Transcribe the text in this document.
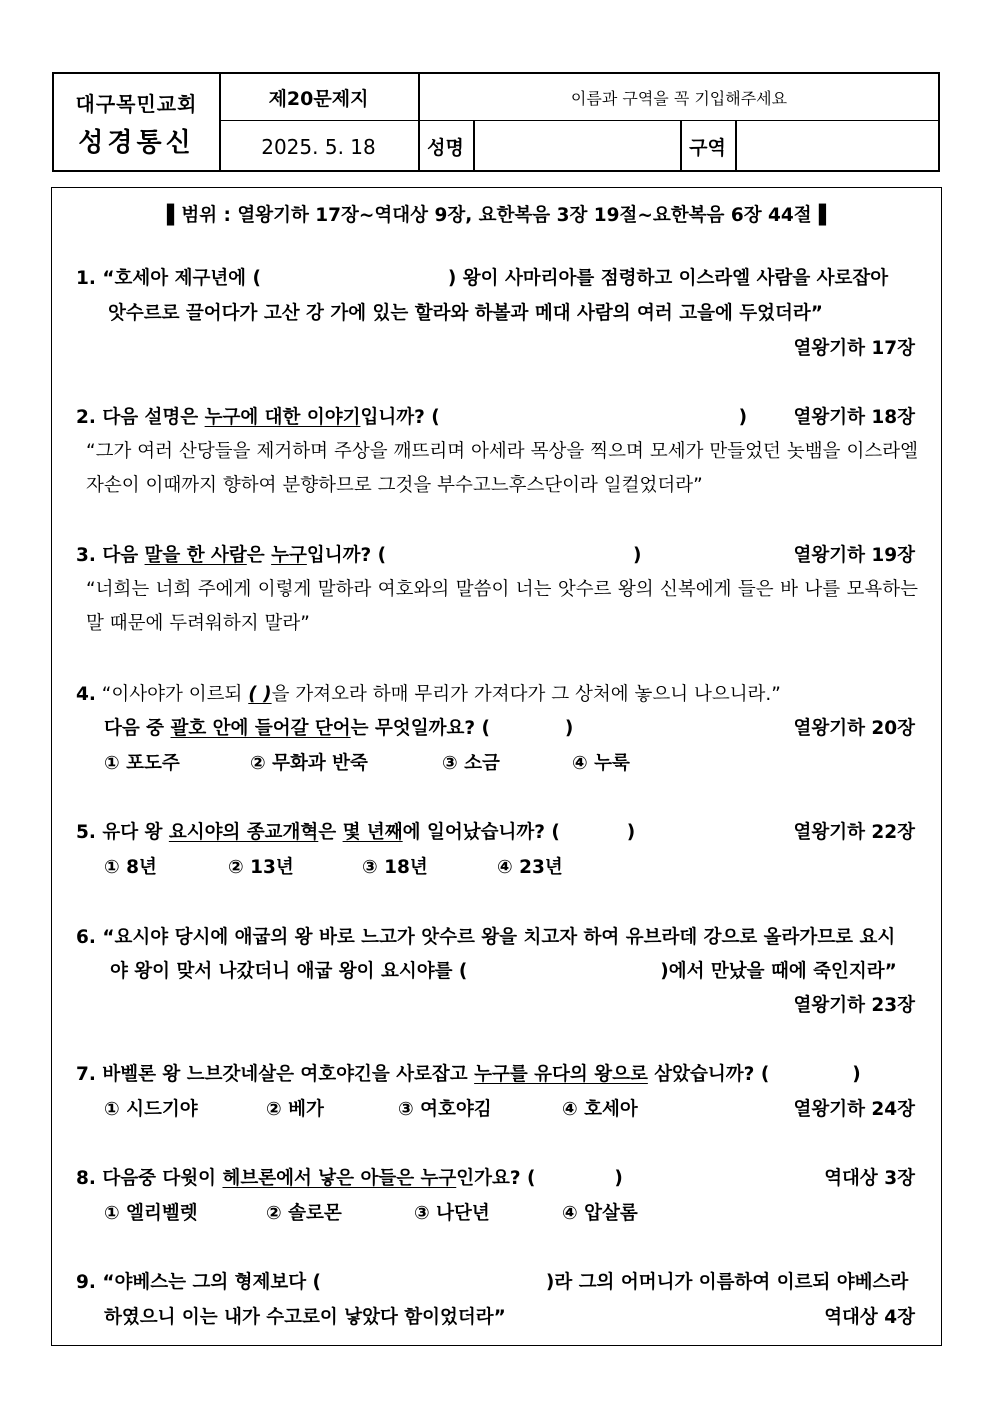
대구목민교회
성경통신
제20문제지	이름과 구역을 꼭 기입해주세요
2025. 5. 18	성명	구역
▌범위 : 열왕기하 17장~역대상 9장, 요한복음 3장 19절~요한복음 6장 44절▐
1. “호세아 제구년에 (	) 왕이 사마리아를 점령하고 이스라엘 사람을 사로잡아
앗수르로 끌어다가 고산 강 가에 있는 할라와 하볼과 메대 사람의 여러 고을에 두었더라”
열왕기하 17장
2. 다음 설명은 누구에 대한 이야기입니까? (	)	열왕기하 18장
“그가 여러 산당들을 제거하며 주상을 깨뜨리며 아세라 목상을 찍으며 모세가 만들었던 놋뱀을 이스라엘 자손이 이때까지 향하여 분향하므로 그것을 부수고느후스단이라 일컬었더라”
3. 다음 말을 한 사람은 누구입니까? (	)	열왕기하 19장
“너희는 너희 주에게 이렇게 말하라 여호와의 말씀이 너는 앗수르 왕의 신복에게 들은 바 나를 모욕하는 말 때문에 두려워하지 말라”
4. “이사야가 이르되 ( )을 가져오라 하매 무리가 가져다가 그 상처에 놓으니 나으니라.”
다음 중 괄호 안에 들어갈 단어는 무엇일까요? (	)	열왕기하 20장
① 포도주	② 무화과 반죽	③ 소금	④ 누룩
5. 유다 왕 요시야의 종교개혁은 몇 년째에 일어났습니까? (	)	열왕기하 22장
① 8년	② 13년	③ 18년	④ 23년
6. “요시야 당시에 애굽의 왕 바로 느고가 앗수르 왕을 치고자 하여 유브라데 강으로 올라가므로 요시
야 왕이 맞서 나갔더니 애굽 왕이 요시야를 (	)에서 만났을 때에 죽인지라”
열왕기하 23장
7. 바벨론 왕 느브갓네살은 여호야긴을 사로잡고 누구를 유다의 왕으로 삼았습니까? (	)
① 시드기야	② 베가	③ 여호야김	④ 호세아	열왕기하 24장
8. 다음중 다윗이 헤브론에서 낳은 아들은 누구인가요? (	)	역대상 3장
① 엘리벨렛	② 솔로몬	③ 나단년	④ 압살롬
9. “야베스는 그의 형제보다 (	)라 그의 어머니가 이름하여 이르되 야베스라
하였으니 이는 내가 수고로이 낳았다 함이었더라”	역대상 4장
